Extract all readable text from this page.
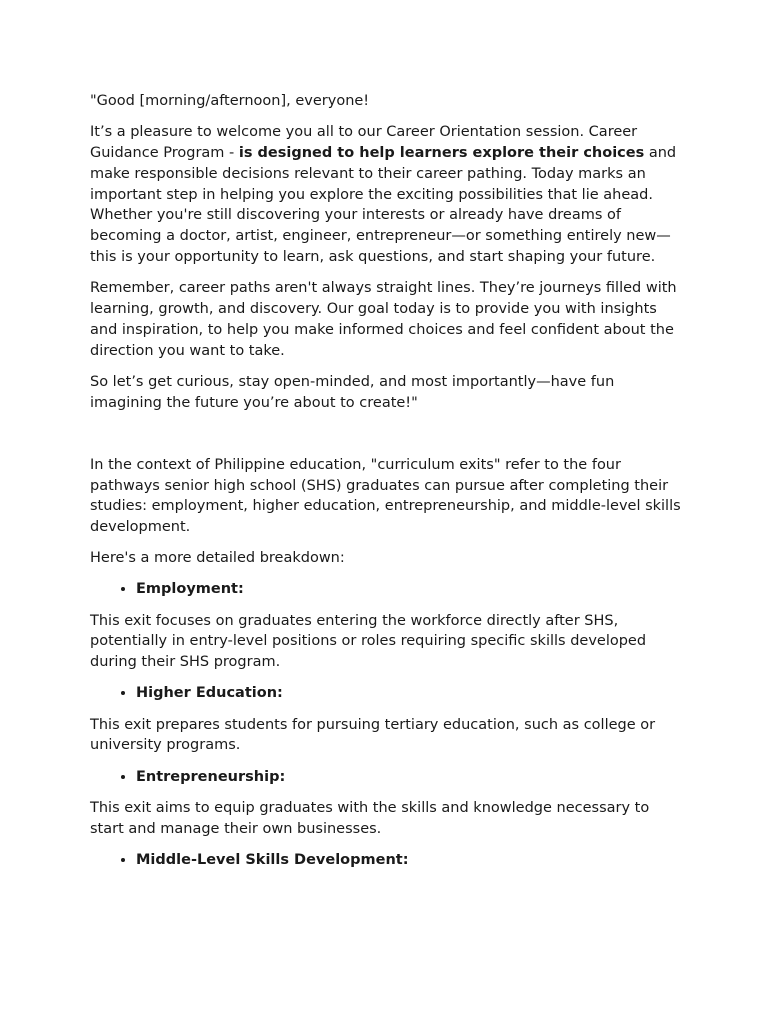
"Good [morning/afternoon], everyone!

It’s a pleasure to welcome you all to our Career Orientation session. Career Guidance Program - is designed to help learners explore their choices and make responsible decisions relevant to their career pathing. Today marks an important step in helping you explore the exciting possibilities that lie ahead. Whether you're still discovering your interests or already have dreams of becoming a doctor, artist, engineer, entrepreneur—or something entirely new—this is your opportunity to learn, ask questions, and start shaping your future.

Remember, career paths aren't always straight lines. They’re journeys filled with learning, growth, and discovery. Our goal today is to provide you with insights and inspiration, to help you make informed choices and feel confident about the direction you want to take.

So let’s get curious, stay open-minded, and most importantly—have fun imagining the future you’re about to create!"

In the context of Philippine education, "curriculum exits" refer to the four pathways senior high school (SHS) graduates can pursue after completing their studies: employment, higher education, entrepreneurship, and middle-level skills development.

Here's a more detailed breakdown:

• Employment:

This exit focuses on graduates entering the workforce directly after SHS, potentially in entry-level positions or roles requiring specific skills developed during their SHS program.

• Higher Education:

This exit prepares students for pursuing tertiary education, such as college or university programs.

• Entrepreneurship:

This exit aims to equip graduates with the skills and knowledge necessary to start and manage their own businesses.

• Middle-Level Skills Development:
